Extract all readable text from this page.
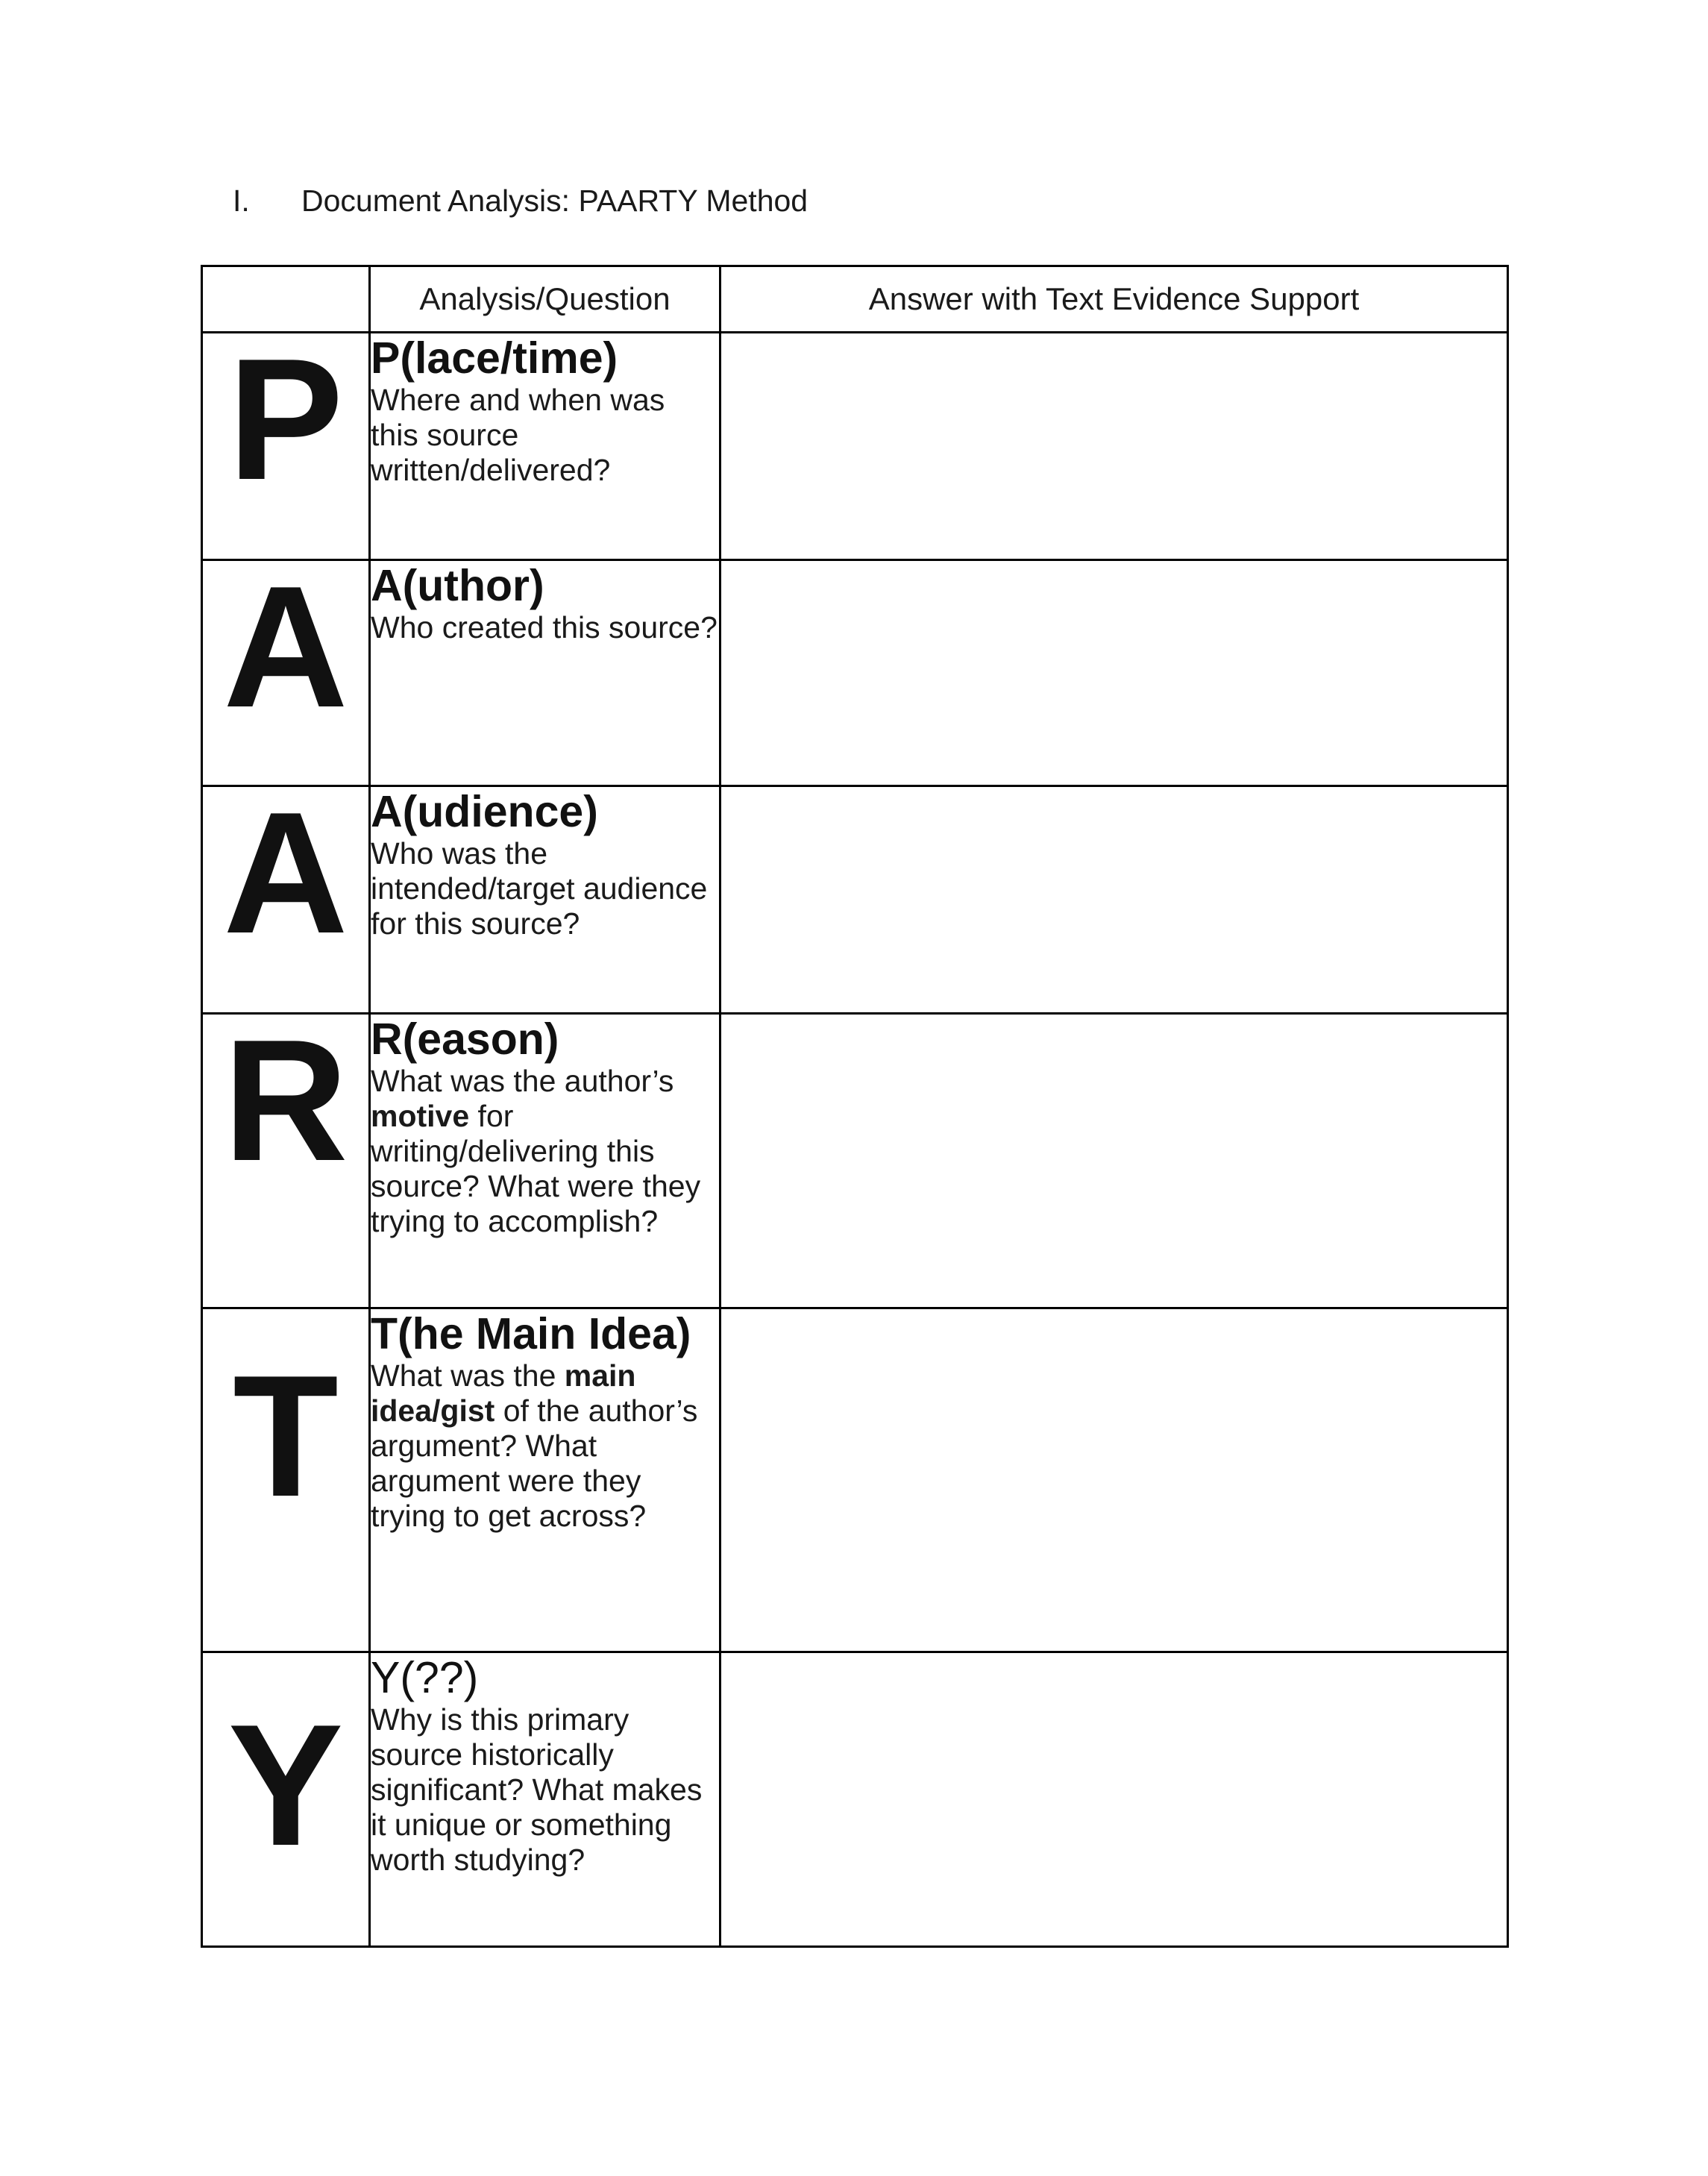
I. Document Analysis: PAARTY Method
	Analysis/Question	Answer with Text Evidence Support
P	P(lace/time)
Where and when was this source written/delivered?	

A	A(uthor)
Who created this source?	

A	A(udience)
Who was the intended/target audience for this source?	

R	R(eason)
What was the author’s motive for writing/delivering this source? What were they trying to accomplish?	

T	T(he Main Idea)
What was the main idea/gist of the author’s argument? What argument were they trying to get across?	

Y	Y(??)
Why is this primary source historically significant? What makes it unique or something worth studying?	
